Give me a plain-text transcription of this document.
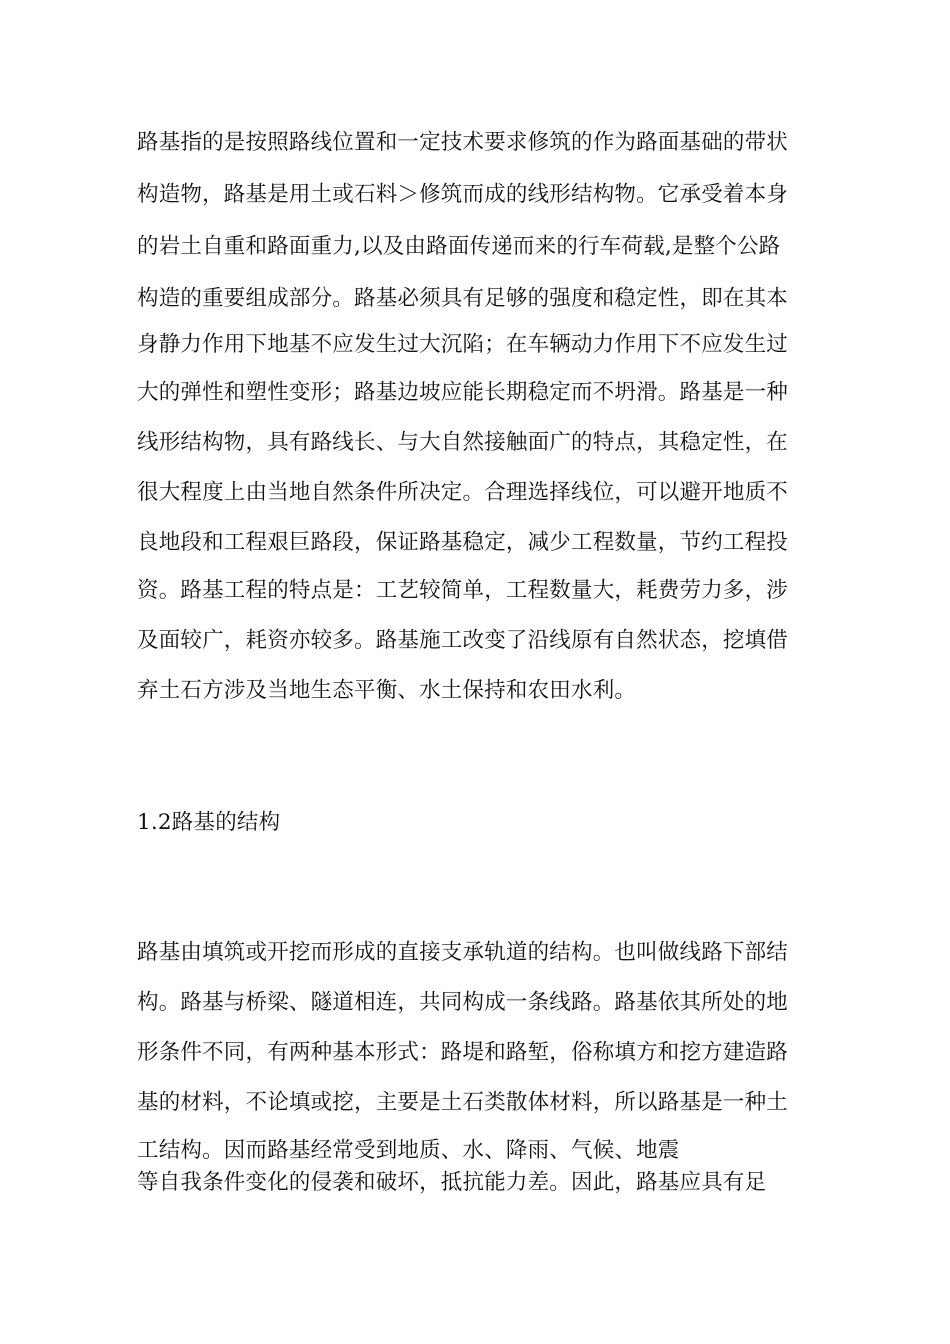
路基指的是按照路线位置和一定技术要求修筑的作为路面基础的带状
构造物，路基是用土或石料＞修筑而成的线形结构物。它承受着本身
的岩土自重和路面重力,以及由路面传递而来的行车荷载,是整个公路
构造的重要组成部分。路基必须具有足够的强度和稳定性，即在其本
身静力作用下地基不应发生过大沉陷；在车辆动力作用下不应发生过
大的弹性和塑性变形；路基边坡应能长期稳定而不坍滑。路基是一种
线形结构物，具有路线长、与大自然接触面广的特点，其稳定性，在
很大程度上由当地自然条件所决定。合理选择线位，可以避开地质不
良地段和工程艰巨路段，保证路基稳定，减少工程数量，节约工程投
资。路基工程的特点是：工艺较简单，工程数量大，耗费劳力多，涉
及面较广，耗资亦较多。路基施工改变了沿线原有自然状态，挖填借
弃土石方涉及当地生态平衡、水土保持和农田水利。
1.2路基的结构
路基由填筑或开挖而形成的直接支承轨道的结构。也叫做线路下部结
构。路基与桥梁、隧道相连，共同构成一条线路。路基依其所处的地
形条件不同，有两种基本形式：路堤和路堑，俗称填方和挖方建造路
基的材料，不论填或挖，主要是土石类散体材料，所以路基是一种土
工结构。因而路基经常受到地质、水、降雨、气候、地震
等自我条件变化的侵袭和破坏，抵抗能力差。因此，路基应具有足
